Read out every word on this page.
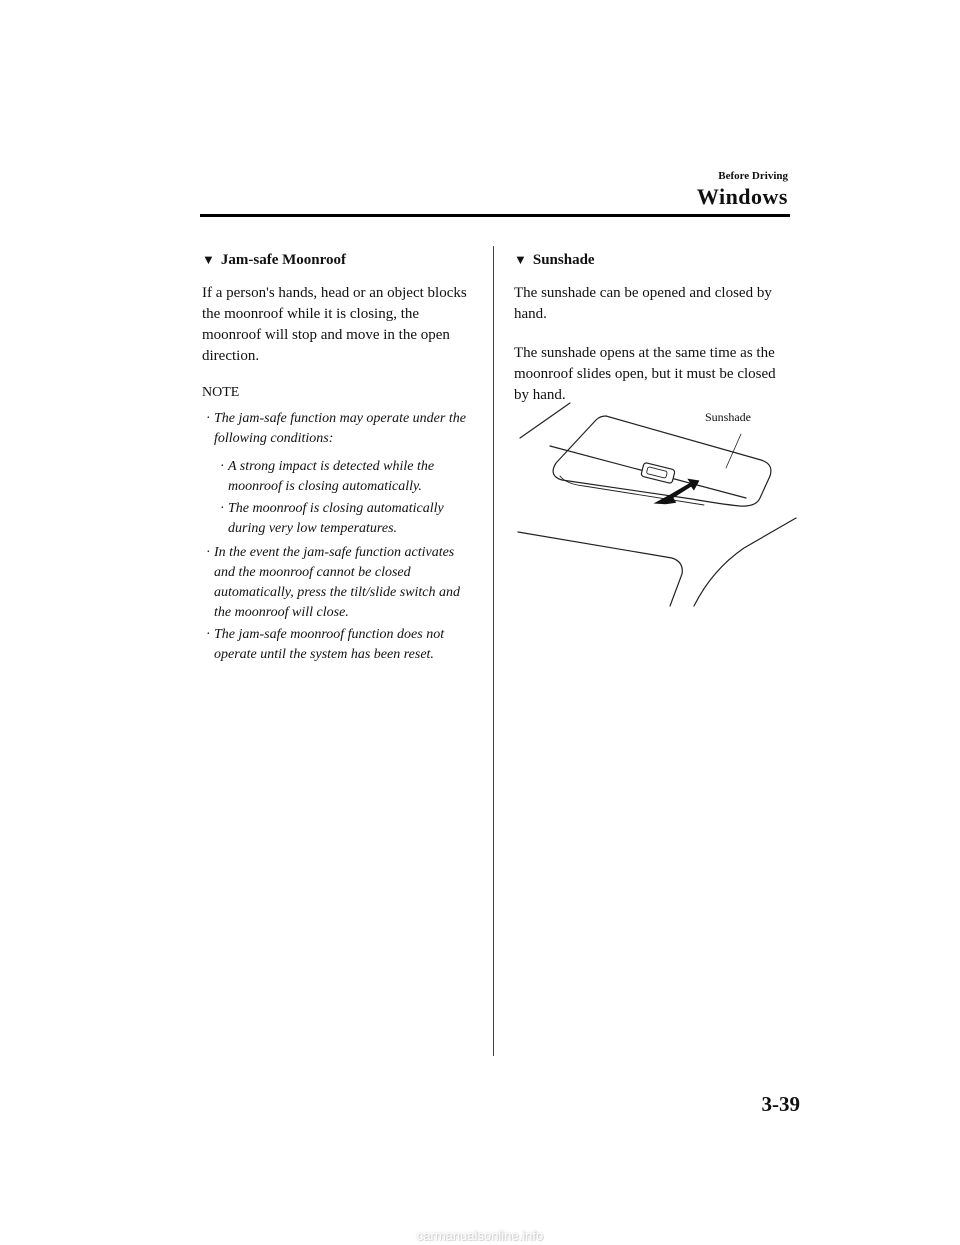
Before Driving
Windows
▼ Jam-safe Moonroof

If a person's hands, head or an object blocks the moonroof while it is closing, the moonroof will stop and move in the open direction.

NOTE
· The jam-safe function may operate under the following conditions:
· A strong impact is detected while the moonroof is closing automatically.
· The moonroof is closing automatically during very low temperatures.
· In the event the jam-safe function activates and the moonroof cannot be closed automatically, press the tilt/slide switch and the moonroof will close.
· The jam-safe moonroof function does not operate until the system has been reset.
▼ Sunshade

The sunshade can be opened and closed by hand.

The sunshade opens at the same time as the moonroof slides open, but it must be closed by hand.

Sunshade
3-39
carmanualsonline.info
